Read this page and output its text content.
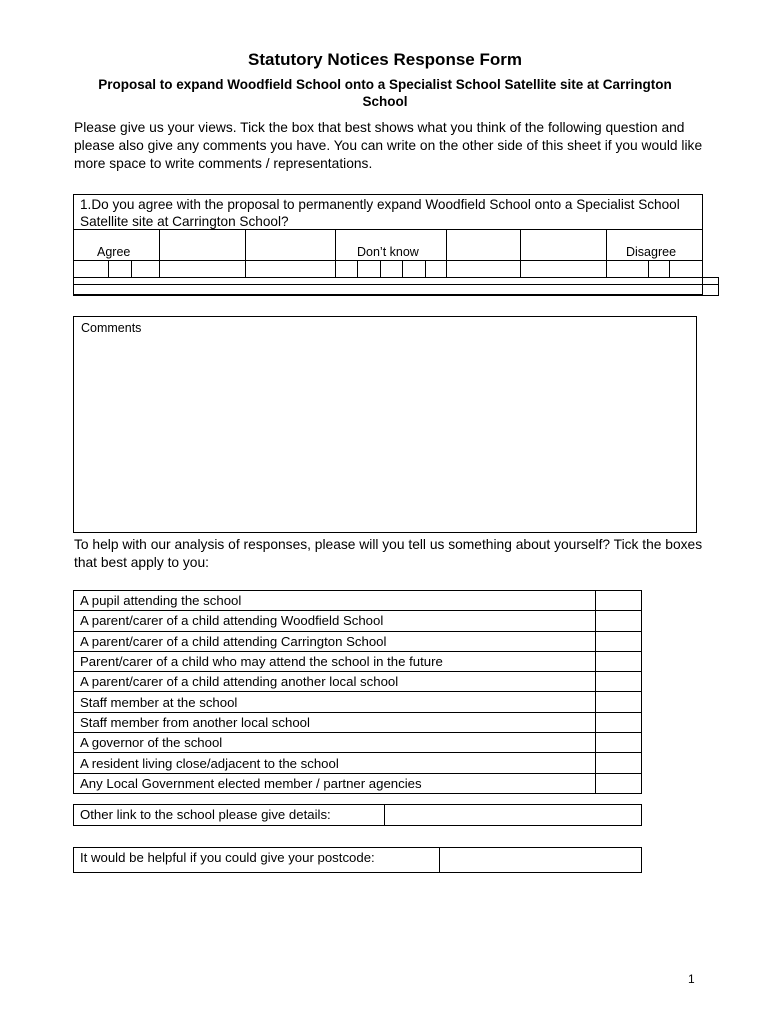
Statutory Notices Response Form
Proposal to expand Woodfield School onto a Specialist School Satellite site at Carrington School
Please give us your views. Tick the box that best shows what you think of the following question and please also give any comments you have. You can write on the other side of this sheet if you would like more space to write comments / representations.
1.Do you agree with the proposal to permanently expand Woodfield School onto a Specialist School Satellite site at Carrington School?
Agree	Don’t know	Disagree
Comments
To help with our analysis of responses, please will you tell us something about yourself? Tick the boxes that best apply to you:
A pupil attending the school	
A parent/carer of a child attending Woodfield School	
A parent/carer of a child attending Carrington School	
Parent/carer of a child who may attend the school in the future	
A parent/carer of a child attending another local school	
Staff member at the school	
Staff member from another local school	
A governor of the school	
A resident living close/adjacent to the school	
Any Local Government elected member / partner agencies	
Other link to the school please give details:
It would be helpful if you could give your postcode:
1
